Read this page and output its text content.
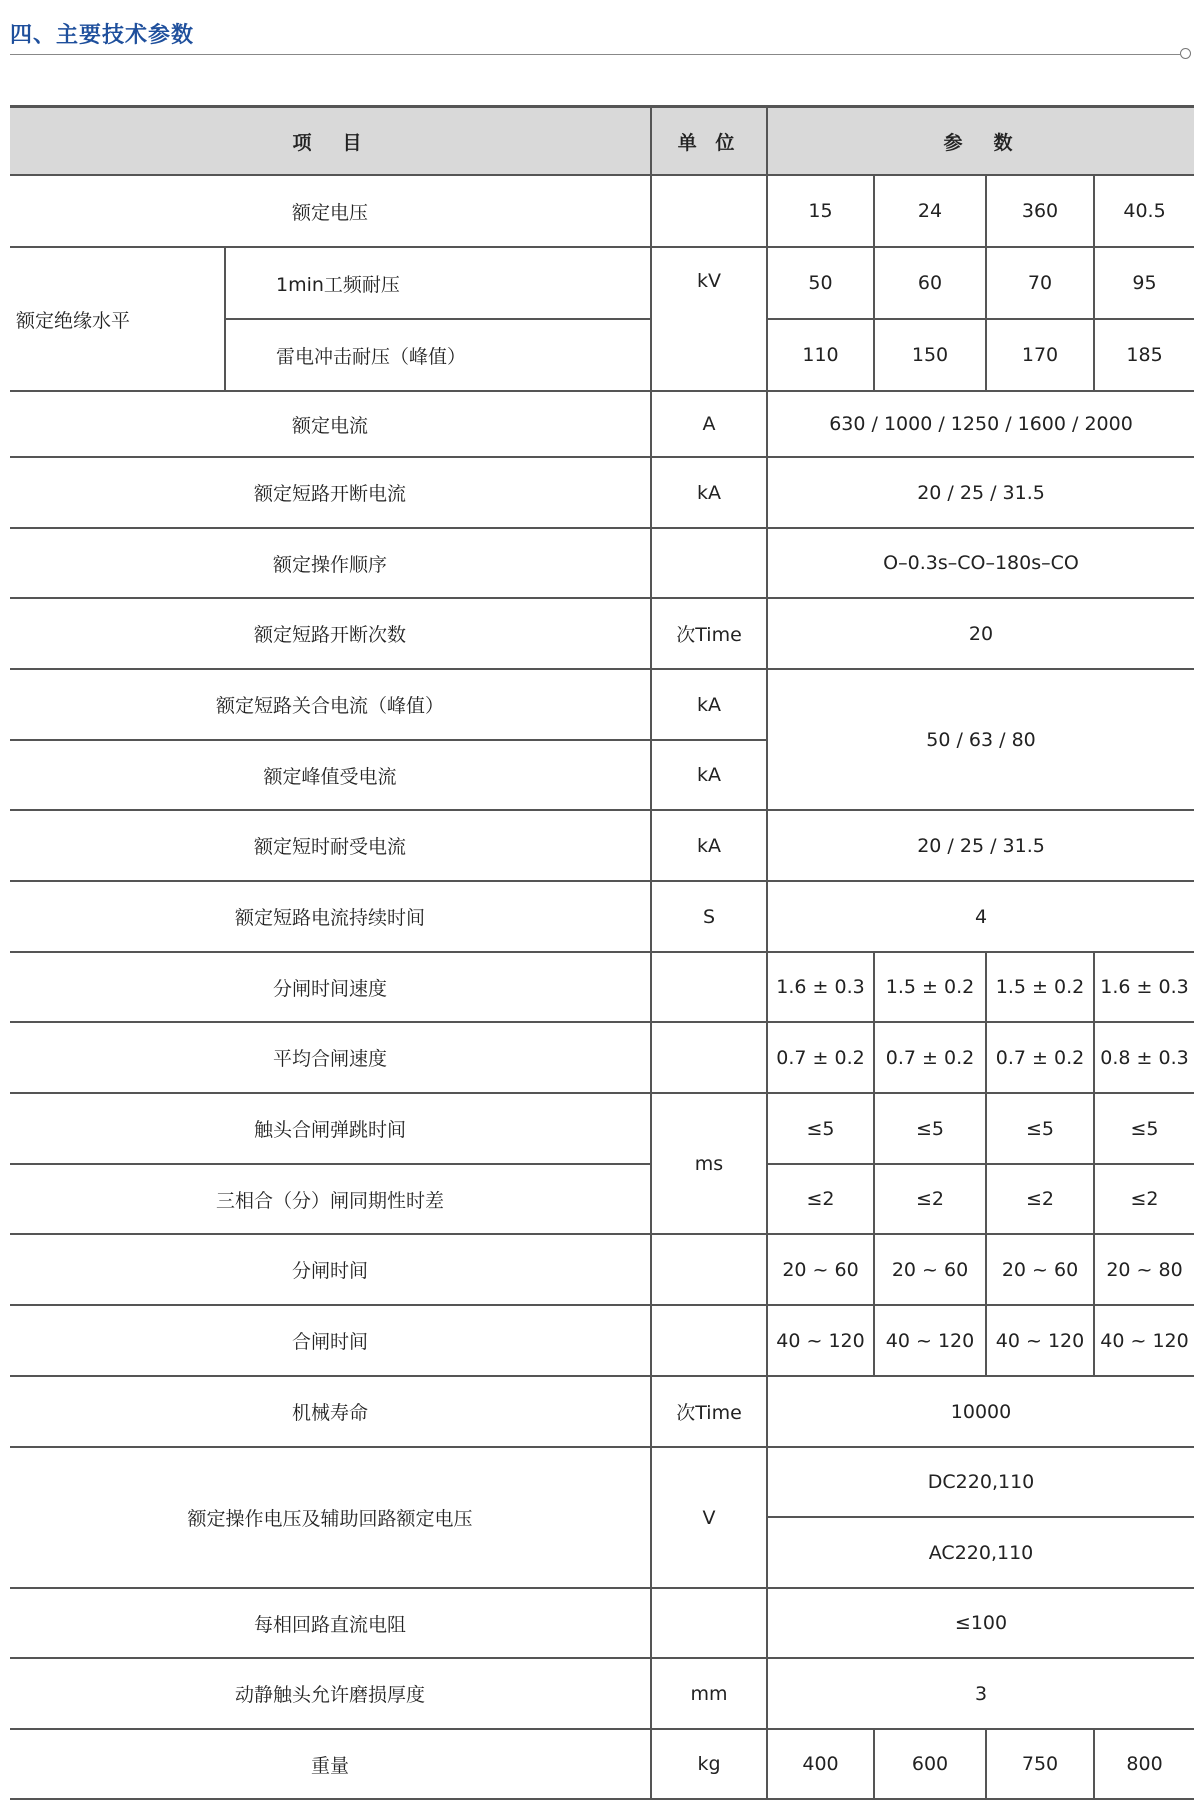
四、主要技术参数
项　目		单 位	参　数			
额定电压			15	24	360	40.5
额定绝缘水平	1min工频耐压	kV	50	60	70	95
	雷电冲击耐压（峰值）		110	150	170	185
额定电流		A	630 / 1000 / 1250 / 1600 / 2000			
额定短路开断电流		kA	20 / 25 / 31.5			
额定操作顺序			O–0.3s–CO–180s–CO			
额定短路开断次数		次Time	20			
额定短路关合电流（峰值）		kA	50 / 63 / 80			
额定峰值受电流		kA				
额定短时耐受电流		kA	20 / 25 / 31.5			
额定短路电流持续时间		S	4			
分闸时间速度			1.6 ± 0.3	1.5 ± 0.2	1.5 ± 0.2	1.6 ± 0.3
平均合闸速度			0.7 ± 0.2	0.7 ± 0.2	0.7 ± 0.2	0.8 ± 0.3
触头合闸弹跳时间		ms	≤5	≤5	≤5	≤5
三相合（分）闸同期性时差			≤2	≤2	≤2	≤2
分闸时间			20 ~ 60	20 ~ 60	20 ~ 60	20 ~ 80
合闸时间			40 ~ 120	40 ~ 120	40 ~ 120	40 ~ 120
机械寿命		次Time	10000			
额定操作电压及辅助回路额定电压		V	DC220,110			
			AC220,110			
每相回路直流电阻			≤100			
动静触头允许磨损厚度		mm	3			
重量		kg	400	600	750	800
